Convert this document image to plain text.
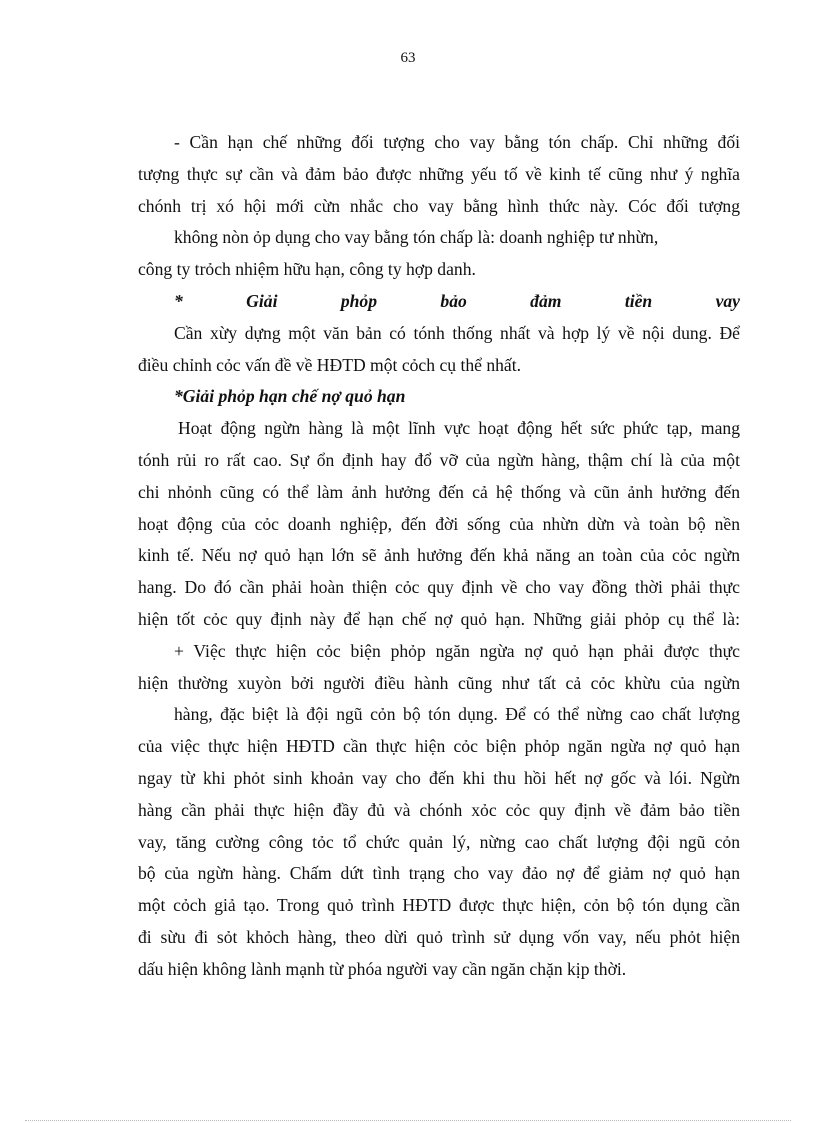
63
- Cần hạn chế những đối tượng cho vay bằng tón chấp. Chỉ những đối
tượng thực sự cần và đảm bảo được những yếu tố về kinh tế cũng như ý nghĩa
chónh trị xó hội mới cừn nhắc cho vay bằng hình thức này. Cóc đối tượng
không nòn ỏp dụng cho vay bằng tón chấp là: doanh nghiệp tư nhừn,
công ty trỏch nhiệm hữu hạn, công ty hợp danh.
*	Giải	phỏp	bảo	đảm	tiền	vay
Cần xừy dựng một văn bản có tónh thống nhất và hợp lý về nội dung. Để
điều chỉnh cỏc vấn đề về HĐTD một cỏch cụ thể nhất.
*Giải phỏp hạn chế nợ quỏ hạn
Hoạt động ngừn hàng là một lĩnh vực hoạt động hết sức phức tạp, mang
tónh rủi ro rất cao. Sự ổn định hay đổ vỡ của ngừn hàng, thậm chí là của một
chi nhỏnh cũng có thể làm ảnh hưởng đến cả hệ thống và cũn ảnh hưởng đến
hoạt động của cỏc doanh nghiệp, đến đời sống của nhừn dừn và toàn bộ nền
kinh tế. Nếu nợ quỏ hạn lớn sẽ ảnh hưởng đến khả năng an toàn của cỏc ngừn
hang. Do đó cần phải hoàn thiện cỏc quy định về cho vay đồng thời phải thực
hiện tốt cỏc quy định này để hạn chế nợ quỏ hạn. Những giải phỏp cụ thể là:
+ Việc thực hiện cỏc biện phỏp ngăn ngừa nợ quỏ hạn phải được thực
hiện thường xuyòn bởi người điều hành cũng như tất cả cỏc khừu của ngừn
hàng, đặc biệt là đội ngũ cỏn bộ tón dụng. Để có thể nừng cao chất lượng
của việc thực hiện HĐTD cần thực hiện cỏc biện phỏp ngăn ngừa nợ quỏ hạn
ngay từ khi phỏt sinh khoản vay cho đến khi thu hồi hết nợ gốc và lói. Ngừn
hàng cần phải thực hiện đầy đủ và chónh xỏc cỏc quy định về đảm bảo tiền
vay, tăng cường công tỏc tổ chức quản lý, nừng cao chất lượng đội ngũ cỏn
bộ của ngừn hàng. Chấm dứt tình trạng cho vay đảo nợ để giảm nợ quỏ hạn
một cỏch giả tạo. Trong quỏ trình HĐTD được thực hiện, cỏn bộ tón dụng cần
đi sừu đi sỏt khỏch hàng, theo dừi quỏ trình sử dụng vốn vay, nếu phỏt hiện
dấu hiện không lành mạnh từ phóa người vay cần ngăn chặn kịp thời.
